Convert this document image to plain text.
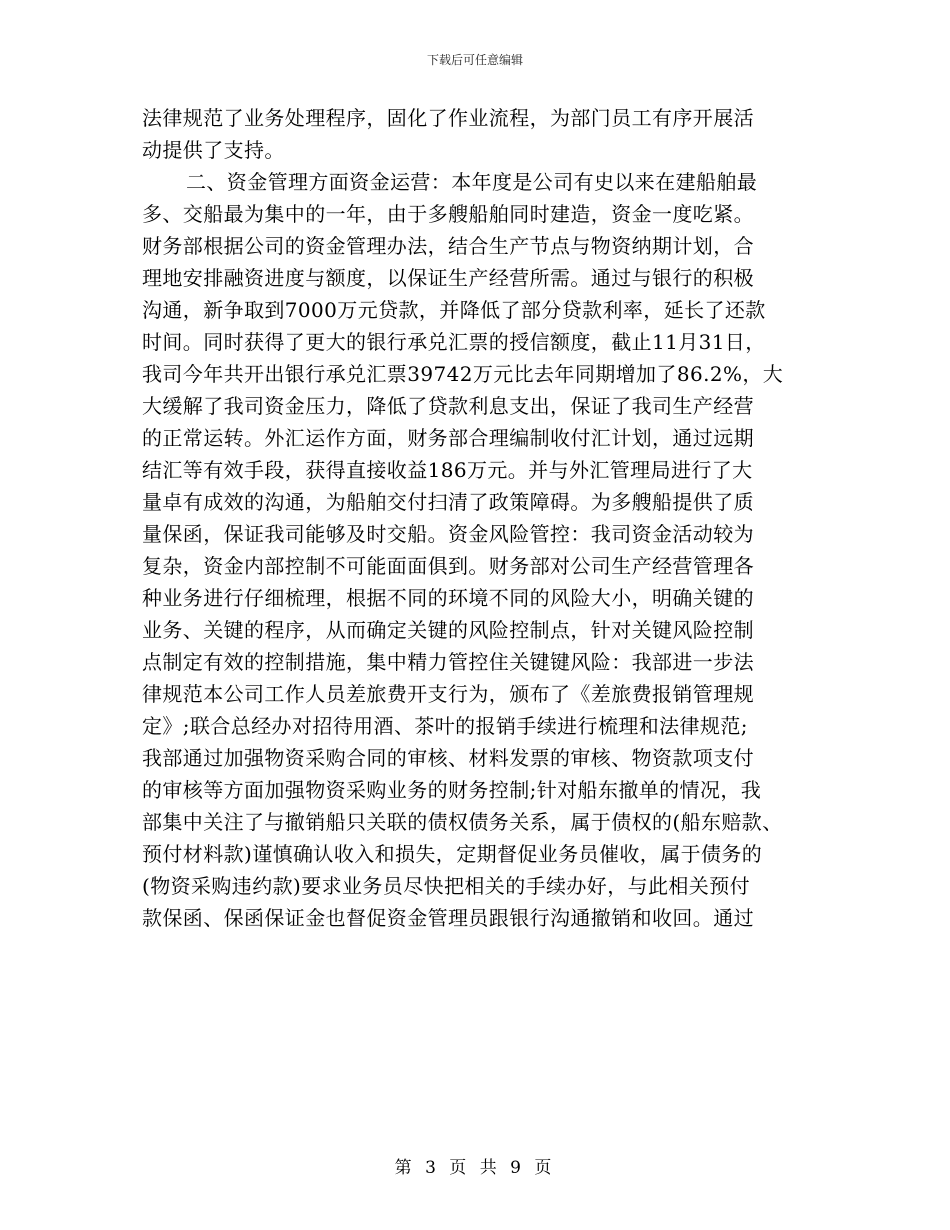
下载后可任意编辑
法律规范了业务处理程序，固化了作业流程，为部门员工有序开展活
动提供了支持。
二、资金管理方面资金运营：本年度是公司有史以来在建船舶最
多、交船最为集中的一年，由于多艘船舶同时建造，资金一度吃紧。
财务部根据公司的资金管理办法，结合生产节点与物资纳期计划，合
理地安排融资进度与额度，以保证生产经营所需。通过与银行的积极
沟通，新争取到7000万元贷款，并降低了部分贷款利率，延长了还款
时间。同时获得了更大的银行承兑汇票的授信额度，截止11月31日，
我司今年共开出银行承兑汇票39742万元比去年同期增加了86.2%，大
大缓解了我司资金压力，降低了贷款利息支出，保证了我司生产经营
的正常运转。外汇运作方面，财务部合理编制收付汇计划，通过远期
结汇等有效手段，获得直接收益186万元。并与外汇管理局进行了大
量卓有成效的沟通，为船舶交付扫清了政策障碍。为多艘船提供了质
量保函，保证我司能够及时交船。资金风险管控：我司资金活动较为
复杂，资金内部控制不可能面面俱到。财务部对公司生产经营管理各
种业务进行仔细梳理，根据不同的环境不同的风险大小，明确关键的
业务、关键的程序，从而确定关键的风险控制点，针对关键风险控制
点制定有效的控制措施，集中精力管控住关键键风险：我部进一步法
律规范本公司工作人员差旅费开支行为，颁布了《差旅费报销管理规
定》;联合总经办对招待用酒、茶叶的报销手续进行梳理和法律规范;
我部通过加强物资采购合同的审核、材料发票的审核、物资款项支付
的审核等方面加强物资采购业务的财务控制;针对船东撤单的情况，我
部集中关注了与撤销船只关联的债权债务关系，属于债权的(船东赔款、
预付材料款)谨慎确认收入和损失，定期督促业务员催收，属于债务的
(物资采购违约款)要求业务员尽快把相关的手续办好，与此相关预付
款保函、保函保证金也督促资金管理员跟银行沟通撤销和收回。通过
第 3 页 共 9 页
